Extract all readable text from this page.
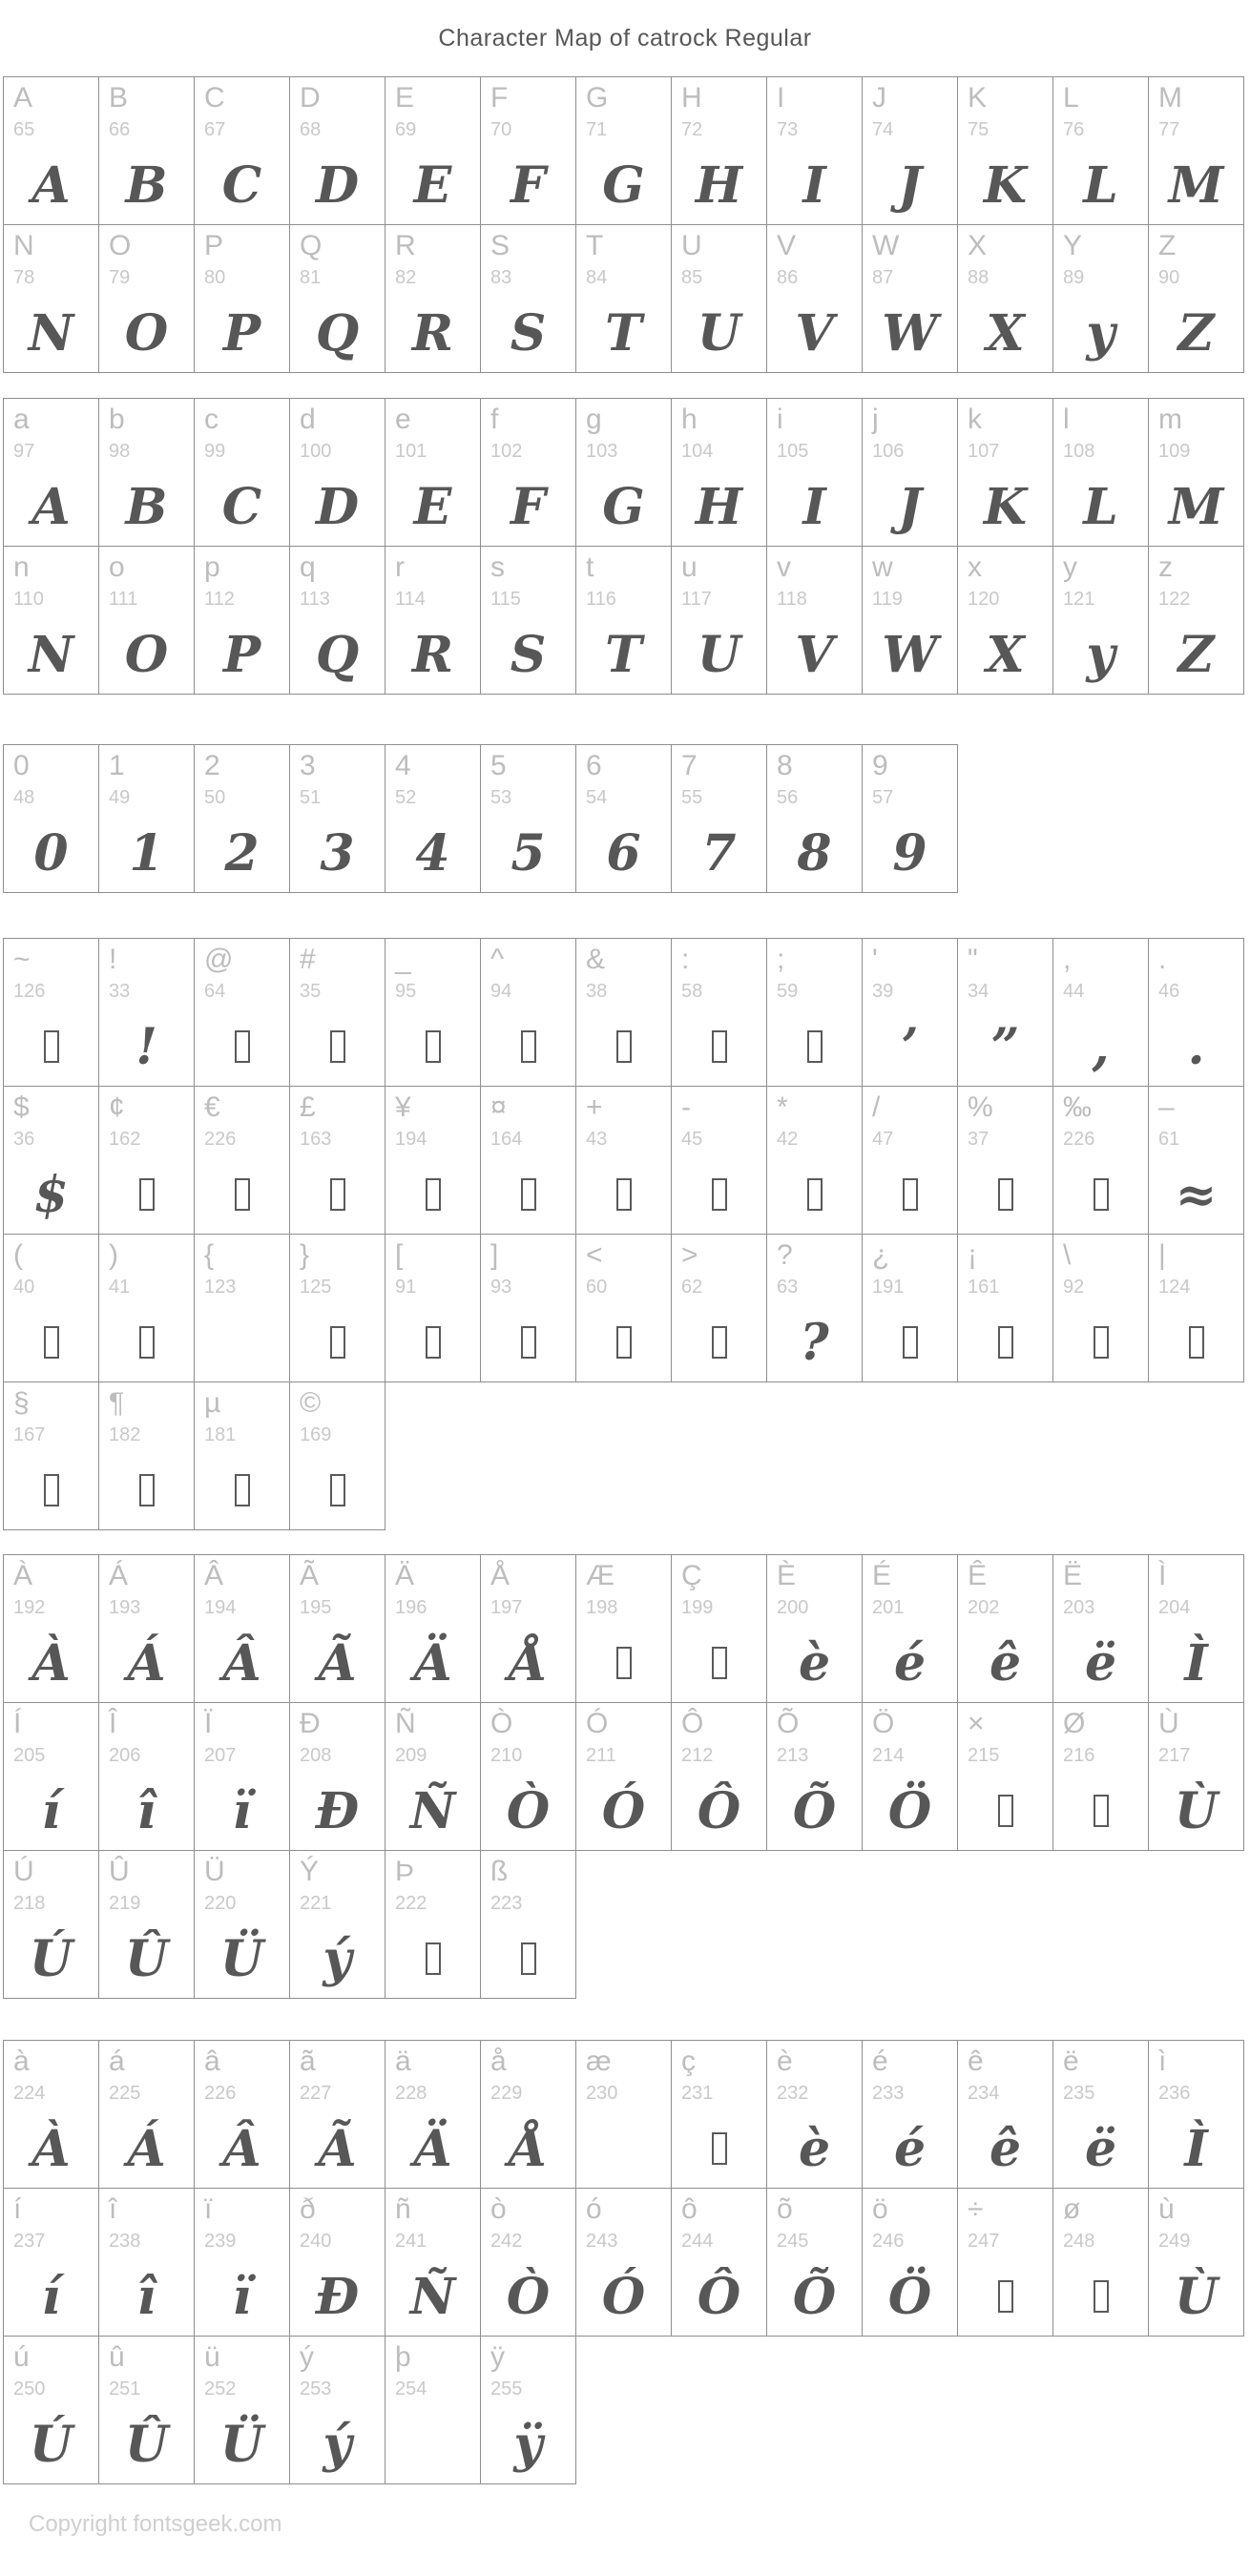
Character Map of catrock Regular
A
65
A
B
66
B
C
67
C
D
68
D
E
69
E
F
70
F
G
71
G
H
72
H
I
73
I
J
74
J
K
75
K
L
76
L
M
77
M
N
78
N
O
79
O
P
80
P
Q
81
Q
R
82
R
S
83
S
T
84
T
U
85
U
V
86
V
W
87
W
X
88
X
Y
89
y
Z
90
Z
a
97
A
b
98
B
c
99
C
d
100
D
e
101
E
f
102
F
g
103
G
h
104
H
i
105
I
j
106
J
k
107
K
l
108
L
m
109
M
n
110
N
o
111
O
p
112
P
q
113
Q
r
114
R
s
115
S
t
116
T
u
117
U
v
118
V
w
119
W
x
120
X
y
121
y
z
122
Z
0
48
0
1
49
1
2
50
2
3
51
3
4
52
4
5
53
5
6
54
6
7
55
7
8
56
8
9
57
9
~
126
!
33
!
@
64
#
35
_
95
^
94
&
38
:
58
;
59
'
39
’
"
34
”
,
44
,
.
46
.
$
36
$
¢
162
€
226
£
163
¥
194
¤
164
+
43
-
45
*
42
/
47
%
37
‰
226
–
61
≈
(
40
)
41
{
123
}
125
[
91
]
93
<
60
>
62
?
63
?
¿
191
¡
161
\
92
|
124
§
167
¶
182
µ
181
©
169
À
192
À
Á
193
Á
Â
194
Â
Ã
195
Ã
Ä
196
Ä
Å
197
Å
Æ
198
Ç
199
È
200
è
É
201
é
Ê
202
ê
Ë
203
ë
Ì
204
Ì
Í
205
í
Î
206
î
Ï
207
ï
Ð
208
Ð
Ñ
209
Ñ
Ò
210
Ò
Ó
211
Ó
Ô
212
Ô
Õ
213
Õ
Ö
214
Ö
×
215
Ø
216
Ù
217
Ù
Ú
218
Ú
Û
219
Û
Ü
220
Ü
Ý
221
ý
Þ
222
ß
223
à
224
À
á
225
Á
â
226
Â
ã
227
Ã
ä
228
Ä
å
229
Å
æ
230
ç
231
è
232
è
é
233
é
ê
234
ê
ë
235
ë
ì
236
Ì
í
237
í
î
238
î
ï
239
ï
ð
240
Ð
ñ
241
Ñ
ò
242
Ò
ó
243
Ó
ô
244
Ô
õ
245
Õ
ö
246
Ö
÷
247
ø
248
ù
249
Ù
ú
250
Ú
û
251
Û
ü
252
Ü
ý
253
ý
þ
254
ÿ
255
ÿ
Copyright fontsgeek.com
